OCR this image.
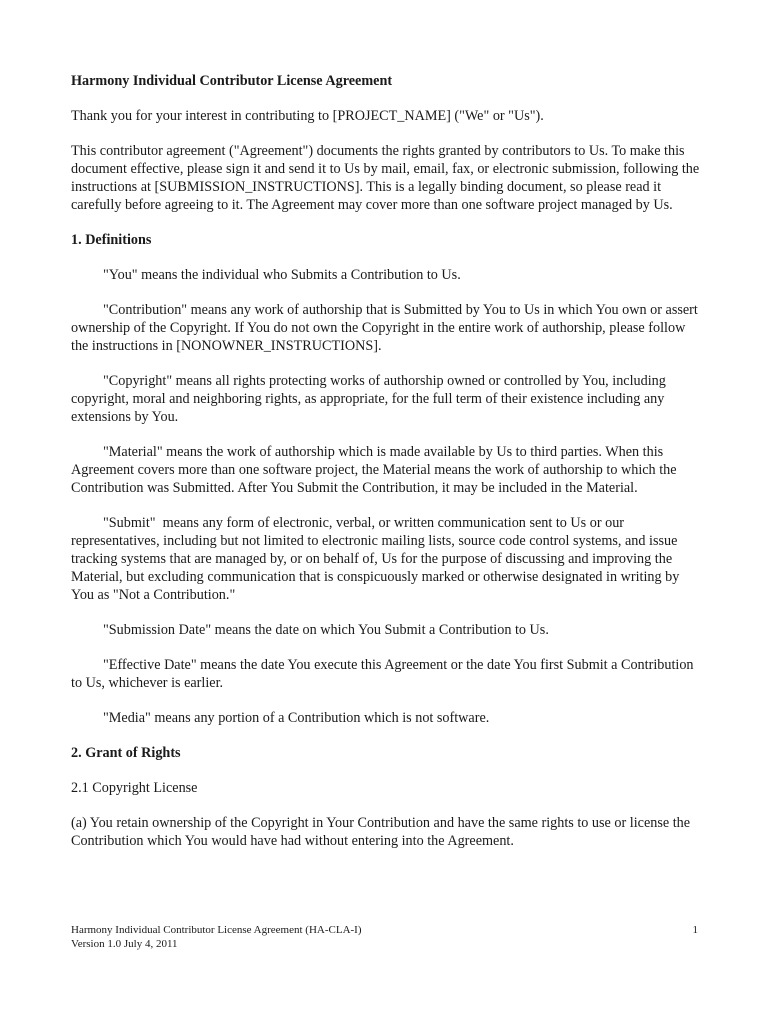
Harmony Individual Contributor License Agreement

Thank you for your interest in contributing to [PROJECT_NAME] ("We" or "Us").

This contributor agreement ("Agreement") documents the rights granted by contributors to Us. To make this document effective, please sign it and send it to Us by mail, email, fax, or electronic submission, following the instructions at [SUBMISSION_INSTRUCTIONS]. This is a legally binding document, so please read it carefully before agreeing to it. The Agreement may cover more than one software project managed by Us.

1. Definitions

"You" means the individual who Submits a Contribution to Us.

"Contribution" means any work of authorship that is Submitted by You to Us in which You own or assert ownership of the Copyright. If You do not own the Copyright in the entire work of authorship, please follow the instructions in [NONOWNER_INSTRUCTIONS].

"Copyright" means all rights protecting works of authorship owned or controlled by You, including copyright, moral and neighboring rights, as appropriate, for the full term of their existence including any extensions by You.

"Material" means the work of authorship which is made available by Us to third parties. When this Agreement covers more than one software project, the Material means the work of authorship to which the Contribution was Submitted. After You Submit the Contribution, it may be included in the Material.

"Submit"  means any form of electronic, verbal, or written communication sent to Us or our representatives, including but not limited to electronic mailing lists, source code control systems, and issue tracking systems that are managed by, or on behalf of, Us for the purpose of discussing and improving the Material, but excluding communication that is conspicuously marked or otherwise designated in writing by You as "Not a Contribution."

"Submission Date" means the date on which You Submit a Contribution to Us.

"Effective Date" means the date You execute this Agreement or the date You first Submit a Contribution to Us, whichever is earlier.

"Media" means any portion of a Contribution which is not software.

2. Grant of Rights

2.1 Copyright License

(a) You retain ownership of the Copyright in Your Contribution and have the same rights to use or license the Contribution which You would have had without entering into the Agreement.

Harmony Individual Contributor License Agreement (HA-CLA-I)
Version 1.0 July 4, 2011
1
